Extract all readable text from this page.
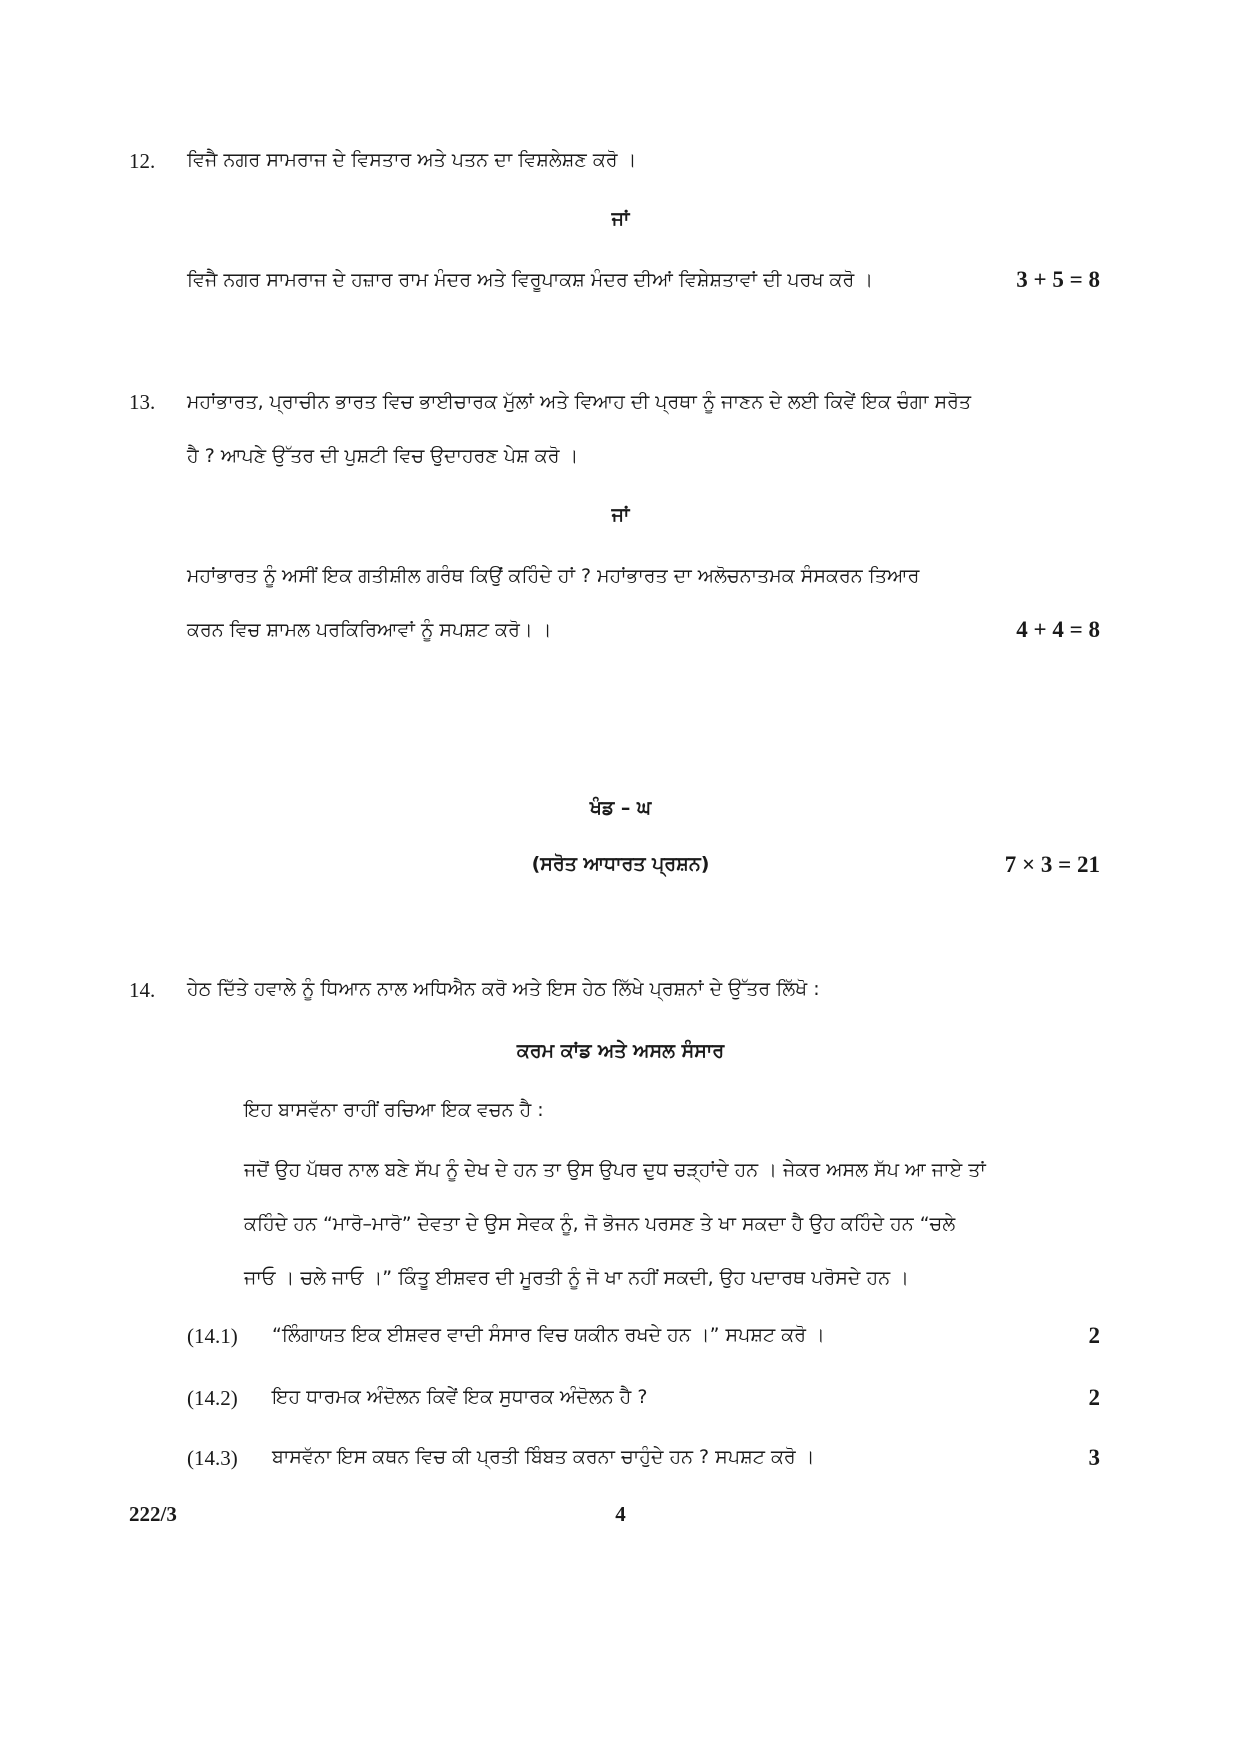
12. ਵਿਜੈ ਨਗਰ ਸਾਮਰਾਜ ਦੇ ਵਿਸਤਾਰ ਅਤੇ ਪਤਨ ਦਾ ਵਿਸ਼ਲੇਸ਼ਣ ਕਰੋ ।
ਜਾਂ
ਵਿਜੈ ਨਗਰ ਸਾਮਰਾਜ ਦੇ ਹਜ਼ਾਰ ਰਾਮ ਮੰਦਰ ਅਤੇ ਵਿਰੂਪਾਕਸ਼ ਮੰਦਰ ਦੀਆਂ ਵਿਸ਼ੇਸ਼ਤਾਵਾਂ ਦੀ ਪਰਖ ਕਰੋ ।	3 + 5 = 8
13. ਮਹਾਂਭਾਰਤ, ਪ੍ਰਾਚੀਨ ਭਾਰਤ ਵਿਚ ਭਾਈਚਾਰਕ ਮੁੱਲਾਂ ਅਤੇ ਵਿਆਹ ਦੀ ਪ੍ਰਥਾ ਨੂੰ ਜਾਣਨ ਦੇ ਲਈ ਕਿਵੇਂ ਇਕ ਚੰਗਾ ਸਰੋਤ
ਹੈ ? ਆਪਣੇ ਉੱਤਰ ਦੀ ਪੁਸ਼ਟੀ ਵਿਚ ਉਦਾਹਰਣ ਪੇਸ਼ ਕਰੋ ।
ਜਾਂ
ਮਹਾਂਭਾਰਤ ਨੂੰ ਅਸੀਂ ਇਕ ਗਤੀਸ਼ੀਲ ਗਰੰਥ ਕਿਉਂ ਕਹਿੰਦੇ ਹਾਂ ? ਮਹਾਂਭਾਰਤ ਦਾ ਅਲੋਚਨਾਤਮਕ ਸੰਸਕਰਨ ਤਿਆਰ
ਕਰਨ ਵਿਚ ਸ਼ਾਮਲ ਪਰਕਿਰਿਆਵਾਂ ਨੂੰ ਸਪਸ਼ਟ ਕਰੋ। ।	4 + 4 = 8
ਖੰਡ – ਘ
(ਸਰੋਤ ਆਧਾਰਤ ਪ੍ਰਸ਼ਨ)	7 × 3 = 21
14. ਹੇਠ ਦਿੱਤੇ ਹਵਾਲੇ ਨੂੰ ਧਿਆਨ ਨਾਲ ਅਧਿਐਨ ਕਰੋ ਅਤੇ ਇਸ ਹੇਠ ਲਿੱਖੇ ਪ੍ਰਸ਼ਨਾਂ ਦੇ ਉੱਤਰ ਲਿੱਖੋ :
ਕਰਮ ਕਾਂਡ ਅਤੇ ਅਸਲ ਸੰਸਾਰ
ਇਹ ਬਾਸਵੱਨਾ ਰਾਹੀਂ ਰਚਿਆ ਇਕ ਵਚਨ ਹੈ :
ਜਦੋਂ ਉਹ ਪੱਥਰ ਨਾਲ ਬਣੇ ਸੱਪ ਨੂੰ ਦੇਖ ਦੇ ਹਨ ਤਾ ਉਸ ਉਪਰ ਦੁਧ ਚੜ੍ਹਾਂਦੇ ਹਨ । ਜੇਕਰ ਅਸਲ ਸੱਪ ਆ ਜਾਏ ਤਾਂ
ਕਹਿੰਦੇ ਹਨ “ਮਾਰੋ–ਮਾਰੋ” ਦੇਵਤਾ ਦੇ ਉਸ ਸੇਵਕ ਨੂੰ, ਜੋ ਭੋਜਨ ਪਰਸਣ ਤੇ ਖਾ ਸਕਦਾ ਹੈ ਉਹ ਕਹਿੰਦੇ ਹਨ “ਚਲੇ
ਜਾਓ । ਚਲੇ ਜਾਓ ।” ਕਿੰਤੂ ਈਸ਼ਵਰ ਦੀ ਮੂਰਤੀ ਨੂੰ ਜੋ ਖਾ ਨਹੀਂ ਸਕਦੀ, ਉਹ ਪਦਾਰਥ ਪਰੋਸਦੇ ਹਨ ।
(14.1) “ਲਿੰਗਾਯਤ ਇਕ ਈਸ਼ਵਰ ਵਾਦੀ ਸੰਸਾਰ ਵਿਚ ਯਕੀਨ ਰਖਦੇ ਹਨ ।” ਸਪਸ਼ਟ ਕਰੋ ।	2
(14.2) ਇਹ ਧਾਰਮਕ ਅੰਦੋਲਨ ਕਿਵੇਂ ਇਕ ਸੁਧਾਰਕ ਅੰਦੋਲਨ ਹੈ ?	2
(14.3) ਬਾਸਵੱਨਾ ਇਸ ਕਥਨ ਵਿਚ ਕੀ ਪ੍ਰਤੀ ਬਿੰਬਤ ਕਰਨਾ ਚਾਹੁੰਦੇ ਹਨ ? ਸਪਸ਼ਟ ਕਰੋ ।	3
222/3	4
